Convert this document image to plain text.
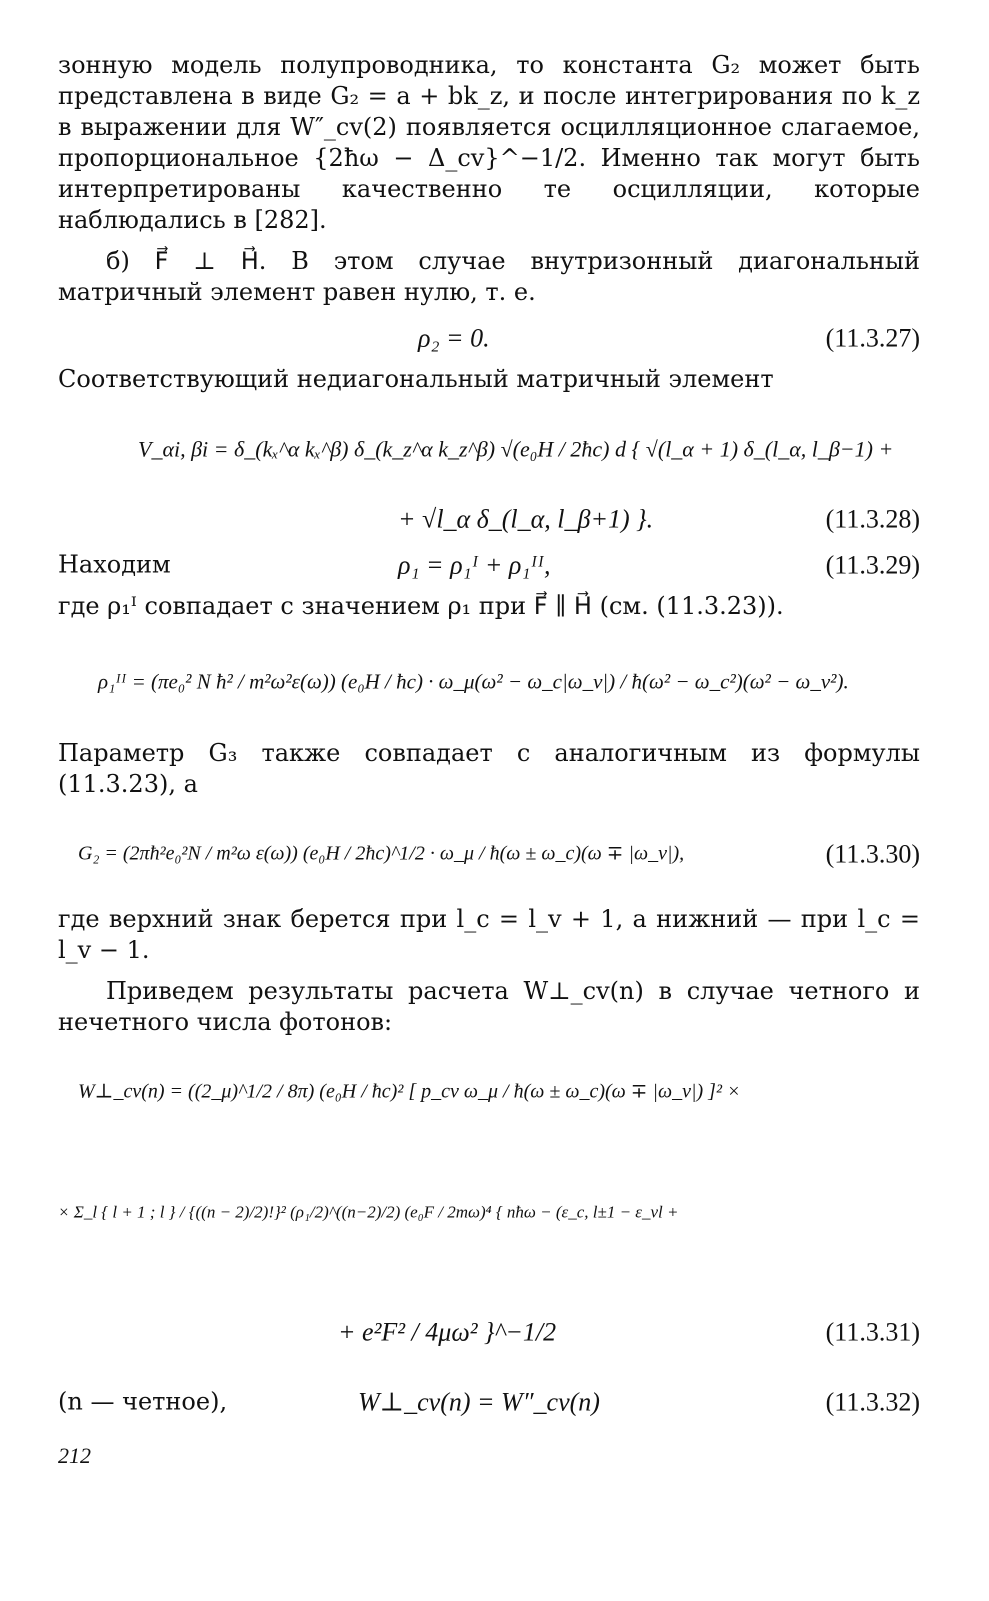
зонную модель полупроводника, то константа G₂ может быть представлена в виде G₂ = a + bk_z, и после интегрирования по k_z в выражении для W″_cv(2) появляется осцилляционное слагаемое, пропорциональное {2ħω − Δ_cv}^−1/2. Именно так могут быть интерпретированы качественно те осцилляции, которые наблюдались в [282].

б) F⃗ ⊥ H⃗. В этом случае внутризонный диагональный матричный элемент равен нулю, т. е.

ρ₂ = 0.	(11.3.27)

Соответствующий недиагональный матричный элемент

V_αi, βi = δ_(kₓ^α kₓ^β) δ_(k_z^α k_z^β) √(e₀H / 2ħc) d { √(l_α + 1) δ_(l_α, l_β−1) +
+ √l_α δ_(l_α, l_β+1) }.	(11.3.28)
Находим	ρ₁ = ρ₁ᴵ + ρ₁ᴵᴵ,	(11.3.29)

где ρ₁ᴵ совпадает с значением ρ₁ при F⃗ ∥ H⃗ (см. (11.3.23)).

ρ₁ᴵᴵ = (πe₀² N ħ² / m²ω²ε(ω)) (e₀H / ħc) · ω_μ(ω² − ω_c|ω_v|) / ħ(ω² − ω_c²)(ω² − ω_v²).

Параметр G₃ также совпадает с аналогичным из формулы (11.3.23), а

G₂ = (2πħ²e₀²N / m²ω ε(ω)) (e₀H / 2ħc)^1/2 · ω_μ / ħ(ω ± ω_c)(ω ∓ |ω_v|),	(11.3.30)

где верхний знак берется при l_c = l_v + 1, а нижний — при l_c = l_v − 1.

Приведем результаты расчета W⊥_cv(n) в случае четного и нечетного числа фотонов:

W⊥_cv(n) = ((2_μ)^1/2 / 8π) (e₀H / ħc)² [ p_cv ω_μ / ħ(ω ± ω_c)(ω ∓ |ω_v|) ]² ×
× Σ_l { l + 1 ; l } / {((n − 2)/2)!}² (ρ₁/2)^((n−2)/2) (e₀F / 2mω)⁴ { nħω − (ε_c, l±1 − ε_vl +
+ e²F² / 4μω² }^−1/2	(11.3.31)
(n — четное),	W⊥_cv(n) = W″_cv(n)	(11.3.32)
212
